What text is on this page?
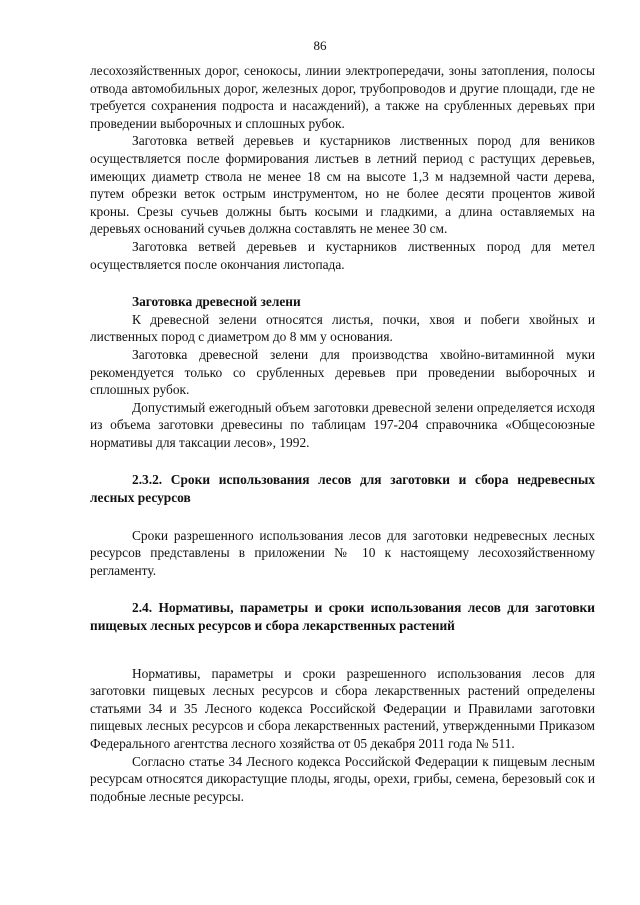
86

лесохозяйственных дорог, сенокосы, линии электропередачи, зоны затопления, полосы отвода автомобильных дорог, железных дорог, трубопроводов и другие площади, где не требуется сохранения подроста и насаждений), а также на срубленных деревьях при проведении выборочных и сплошных рубок.

Заготовка ветвей деревьев и кустарников лиственных пород для веников осуществляется после формирования листьев в летний период с растущих деревьев, имеющих диаметр ствола не менее 18 см на высоте 1,3 м надземной части дерева, путем обрезки веток острым инструментом, но не более десяти процентов живой кроны. Срезы сучьев должны быть косыми и гладкими, а длина оставляемых на деревьях оснований сучьев должна составлять не менее 30 см.

Заготовка ветвей деревьев и кустарников лиственных пород для метел осуществляется после окончания листопада.

Заготовка древесной зелени

К древесной зелени относятся листья, почки, хвоя и побеги хвойных и лиственных пород с диаметром до 8 мм у основания.

Заготовка древесной зелени для производства хвойно-витаминной муки рекомендуется только со срубленных деревьев при проведении выборочных и сплошных рубок.

Допустимый ежегодный объем заготовки древесной зелени определяется исходя из объема заготовки древесины по таблицам 197-204 справочника «Общесоюзные нормативы для таксации лесов», 1992.

2.3.2. Сроки использования лесов для заготовки и сбора недревесных лесных ресурсов

Сроки разрешенного использования лесов для заготовки недревесных лесных ресурсов представлены в приложении № 10 к настоящему лесохозяйственному регламенту.

2.4. Нормативы, параметры и сроки использования лесов для заготовки пищевых лесных ресурсов и сбора лекарственных растений

Нормативы, параметры и сроки разрешенного использования лесов для заготовки пищевых лесных ресурсов и сбора лекарственных растений определены статьями 34 и 35 Лесного кодекса Российской Федерации и Правилами заготовки пищевых лесных ресурсов и сбора лекарственных растений, утвержденными Приказом Федерального агентства лесного хозяйства от 05 декабря 2011 года № 511.

Согласно статье 34 Лесного кодекса Российской Федерации к пищевым лесным ресурсам относятся дикорастущие плоды, ягоды, орехи, грибы, семена, березовый сок и подобные лесные ресурсы.
